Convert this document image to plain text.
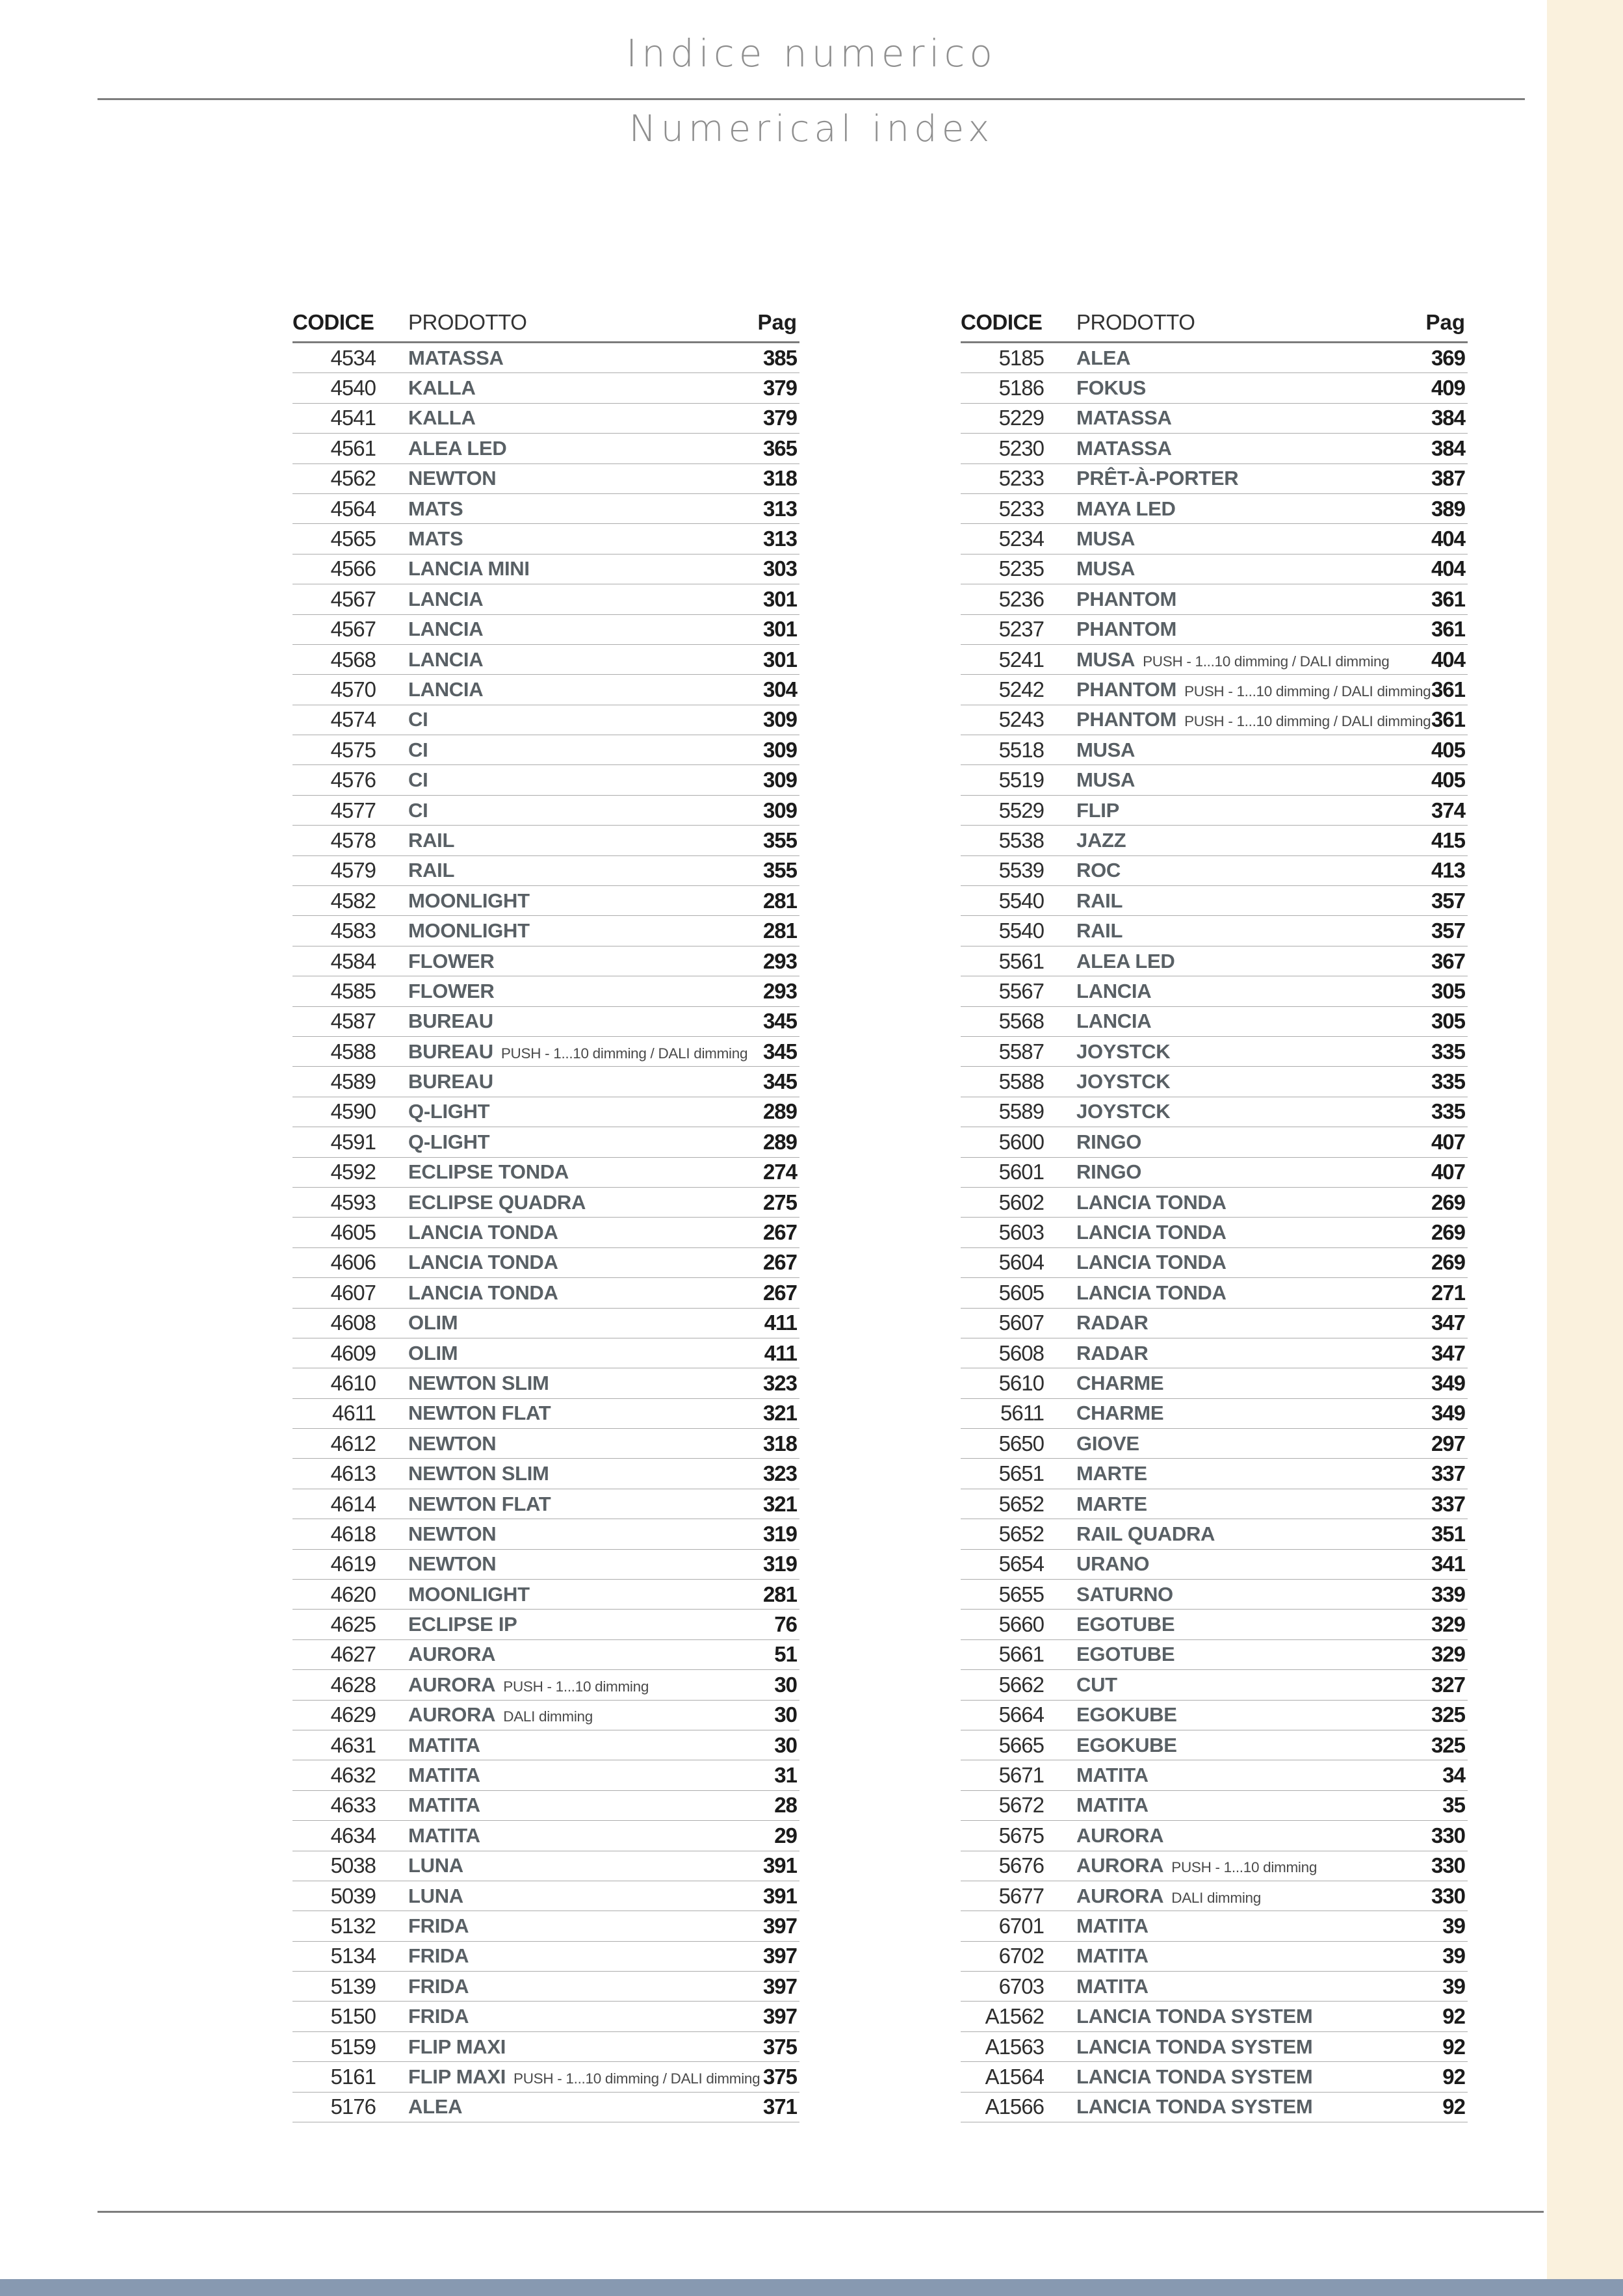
Indice numerico
Numerical index
CODICE	PRODOTTO	Pag
4534 MATASSA	385
4540 KALLA	379
4541 KALLA	379
4561 ALEA LED	365
4562 NEWTON	318
4564 MATS	313
4565 MATS	313
4566 LANCIA MINI	303
4567 LANCIA	301
4567 LANCIA	301
4568 LANCIA	301
4570 LANCIA	304
4574 CI	309
4575 CI	309
4576 CI	309
4577 CI	309
4578 RAIL	355
4579 RAIL	355
4582 MOONLIGHT	281
4583 MOONLIGHT	281
4584 FLOWER	293
4585 FLOWER	293
4587 BUREAU	345
4588 BUREAU PUSH - 1...10 dimming / DALI dimming 345
4589 BUREAU	345
4590 Q-LIGHT	289
4591 Q-LIGHT	289
4592 ECLIPSE TONDA	274
4593 ECLIPSE QUADRA	275
4605 LANCIA TONDA	267
4606 LANCIA TONDA	267
4607 LANCIA TONDA	267
4608 OLIM	411
4609 OLIM	411
4610 NEWTON SLIM	323
4611 NEWTON FLAT	321
4612 NEWTON	318
4613 NEWTON SLIM	323
4614 NEWTON FLAT	321
4618 NEWTON	319
4619 NEWTON	319
4620 MOONLIGHT	281
4625 ECLIPSE IP	76
4627 AURORA	51
4628 AURORA PUSH - 1...10 dimming	30
4629 AURORA DALI dimming	30
4631 MATITA	30
4632 MATITA	31
4633 MATITA	28
4634 MATITA	29
5038 LUNA	391
5039 LUNA	391
5132 FRIDA	397
5134 FRIDA	397
5139 FRIDA	397
5150 FRIDA	397
5159 FLIP MAXI	375
5161 FLIP MAXI PUSH - 1...10 dimming / DALI dimming 375
5176 ALEA	371
CODICE	PRODOTTO	Pag
5185 ALEA	369
5186 FOKUS	409
5229 MATASSA	384
5230 MATASSA	384
5233 PRÊT-À-PORTER	387
5233 MAYA LED	389
5234 MUSA	404
5235 MUSA	404
5236 PHANTOM	361
5237 PHANTOM	361
5241 MUSA PUSH - 1...10 dimming / DALI dimming 404
5242 PHANTOM PUSH - 1...10 dimming / DALI dimming 361
5243 PHANTOM PUSH - 1...10 dimming / DALI dimming 361
5518 MUSA	405
5519 MUSA	405
5529 FLIP	374
5538 JAZZ	415
5539 ROC	413
5540 RAIL	357
5540 RAIL	357
5561 ALEA LED	367
5567 LANCIA	305
5568 LANCIA	305
5587 JOYSTCK	335
5588 JOYSTCK	335
5589 JOYSTCK	335
5600 RINGO	407
5601 RINGO	407
5602 LANCIA TONDA	269
5603 LANCIA TONDA	269
5604 LANCIA TONDA	269
5605 LANCIA TONDA	271
5607 RADAR	347
5608 RADAR	347
5610 CHARME	349
5611 CHARME	349
5650 GIOVE	297
5651 MARTE	337
5652 MARTE	337
5652 RAIL QUADRA	351
5654 URANO	341
5655 SATURNO	339
5660 EGOTUBE	329
5661 EGOTUBE	329
5662 CUT	327
5664 EGOKUBE	325
5665 EGOKUBE	325
5671 MATITA	34
5672 MATITA	35
5675 AURORA	330
5676 AURORA PUSH - 1...10 dimming	330
5677 AURORA DALI dimming	330
6701 MATITA	39
6702 MATITA	39
6703 MATITA	39
A1562 LANCIA TONDA SYSTEM	92
A1563 LANCIA TONDA SYSTEM	92
A1564 LANCIA TONDA SYSTEM	92
A1566 LANCIA TONDA SYSTEM	92
